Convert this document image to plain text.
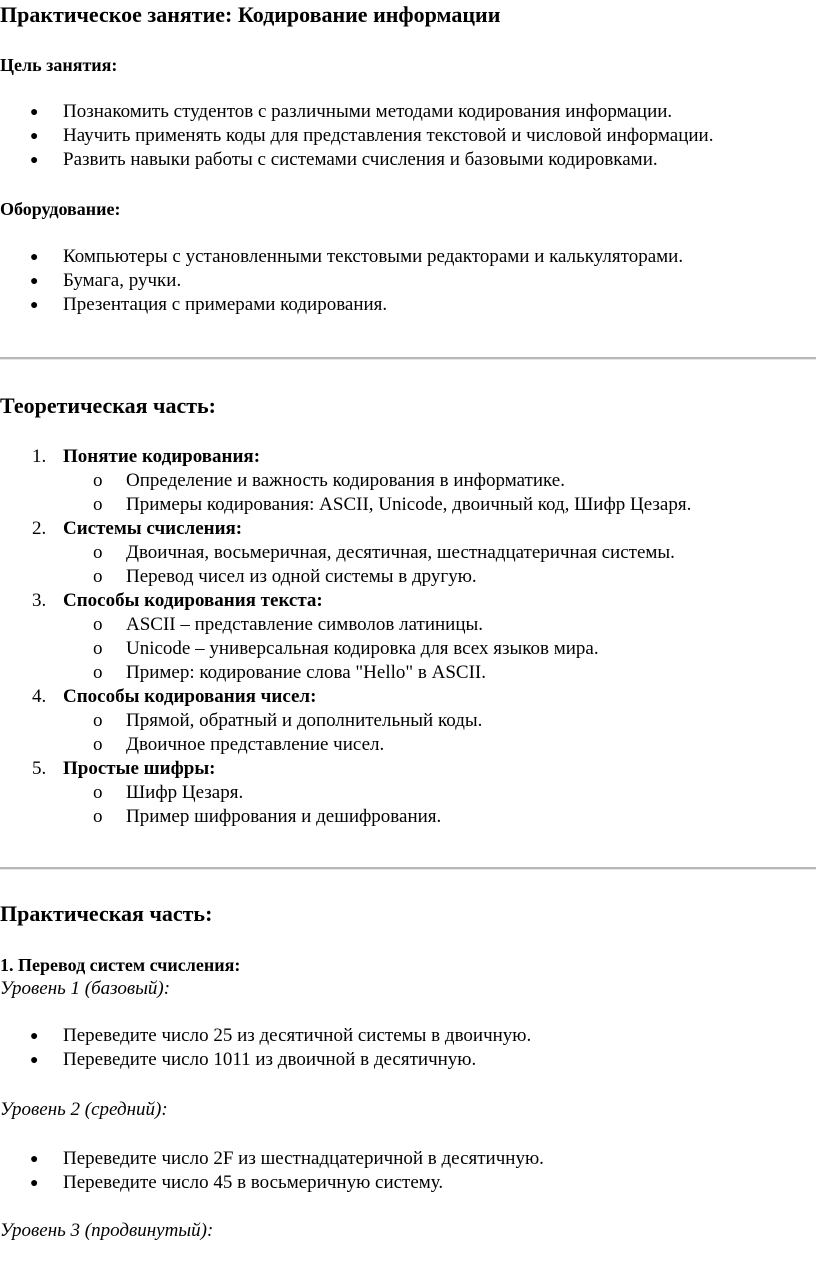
Практическое занятие: Кодирование информации
Цель занятия:
● Познакомить студентов с различными методами кодирования информации.
● Научить применять коды для представления текстовой и числовой информации.
● Развить навыки работы с системами счисления и базовыми кодировками.
Оборудование:
● Компьютеры с установленными текстовыми редакторами и калькуляторами.
● Бумага, ручки.
● Презентация с примерами кодирования.
Теоретическая часть:
1. Понятие кодирования:
o Определение и важность кодирования в информатике.
o Примеры кодирования: ASCII, Unicode, двоичный код, Шифр Цезаря.
2. Системы счисления:
o Двоичная, восьмеричная, десятичная, шестнадцатеричная системы.
o Перевод чисел из одной системы в другую.
3. Способы кодирования текста:
o ASCII – представление символов латиницы.
o Unicode – универсальная кодировка для всех языков мира.
o Пример: кодирование слова "Hello" в ASCII.
4. Способы кодирования чисел:
o Прямой, обратный и дополнительный коды.
o Двоичное представление чисел.
5. Простые шифры:
o Шифр Цезаря.
o Пример шифрования и дешифрования.
Практическая часть:
1. Перевод систем счисления:
Уровень 1 (базовый):
● Переведите число 25 из десятичной системы в двоичную.
● Переведите число 1011 из двоичной в десятичную.
Уровень 2 (средний):
● Переведите число 2F из шестнадцатеричной в десятичную.
● Переведите число 45 в восьмеричную систему.
Уровень 3 (продвинутый):
